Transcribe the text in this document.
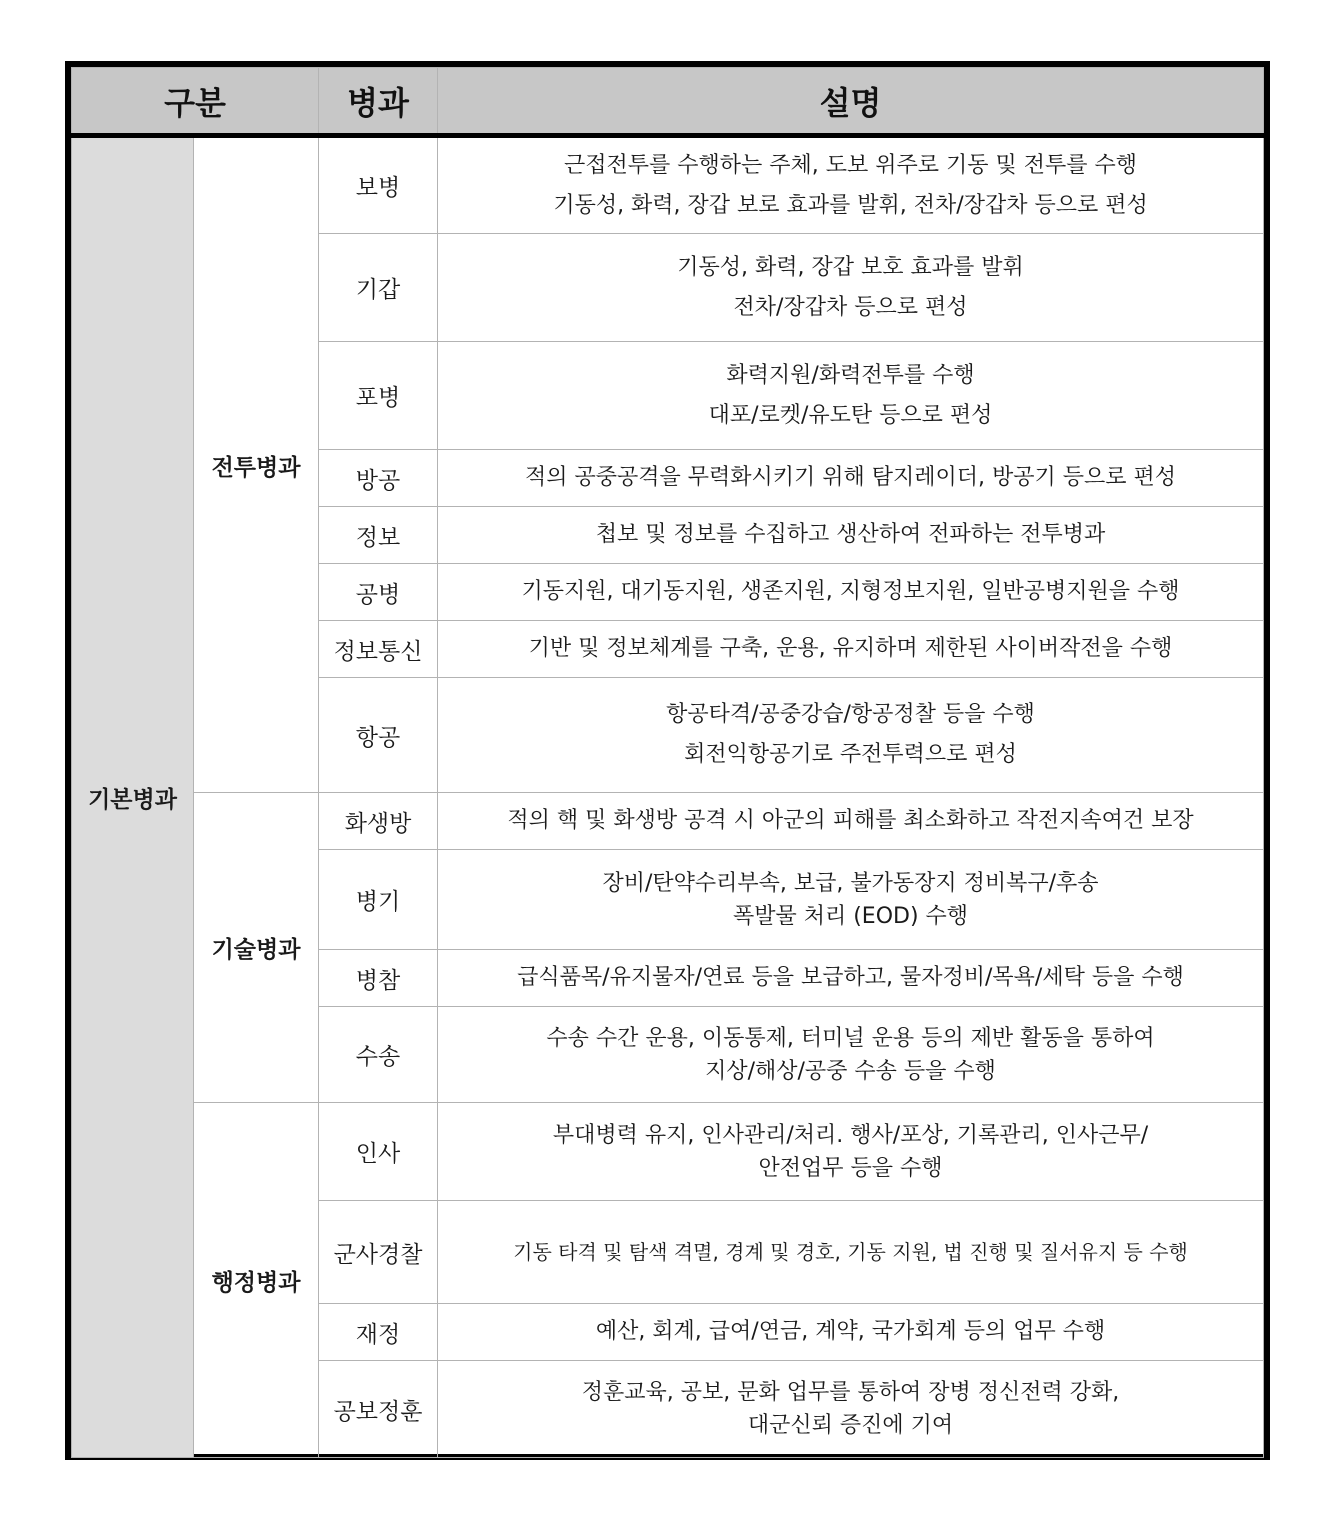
구분		병과	설명
기본병과	전투병과	보병	근접전투를 수행하는 주체, 도보 위주로 기동 및 전투를 수행
기동성, 화력, 장갑 보로 효과를 발휘, 전차/장갑차 등으로 편성

		기갑	기동성, 화력, 장갑 보호 효과를 발휘
전차/장갑차 등으로 편성

		포병	화력지원/화력전투를 수행
대포/로켓/유도탄 등으로 편성

		방공	적의 공중공격을 무력화시키기 위해 탐지레이더, 방공기 등으로 편성

		정보	첩보 및 정보를 수집하고 생산하여 전파하는 전투병과

		공병	기동지원, 대기동지원, 생존지원, 지형정보지원, 일반공병지원을 수행

		정보통신	기반 및 정보체계를 구축, 운용, 유지하며 제한된 사이버작전을 수행

		항공	항공타격/공중강습/항공정찰 등을 수행
회전익항공기로 주전투력으로 편성

	기술병과	화생방	적의 핵 및 화생방 공격 시 아군의 피해를 최소화하고 작전지속여건 보장

		병기	장비/탄약수리부속, 보급, 불가동장지 정비복구/후송
폭발물 처리 (EOD) 수행

		병참	급식품목/유지물자/연료 등을 보급하고, 물자정비/목욕/세탁 등을 수행

		수송	수송 수간 운용, 이동통제, 터미널 운용 등의 제반 활동을 통하여
지상/해상/공중 수송 등을 수행

	행정병과	인사	부대병력 유지, 인사관리/처리. 행사/포상, 기록관리, 인사근무/
안전업무 등을 수행

		군사경찰	기동 타격 및 탐색 격멸, 경계 및 경호, 기동 지원, 법 진행 및 질서유지 등 수행

		재정	예산, 회계, 급여/연금, 계약, 국가회계 등의 업무 수행

		공보정훈	정훈교육, 공보, 문화 업무를 통하여 장병 정신전력 강화,
대군신뢰 증진에 기여
